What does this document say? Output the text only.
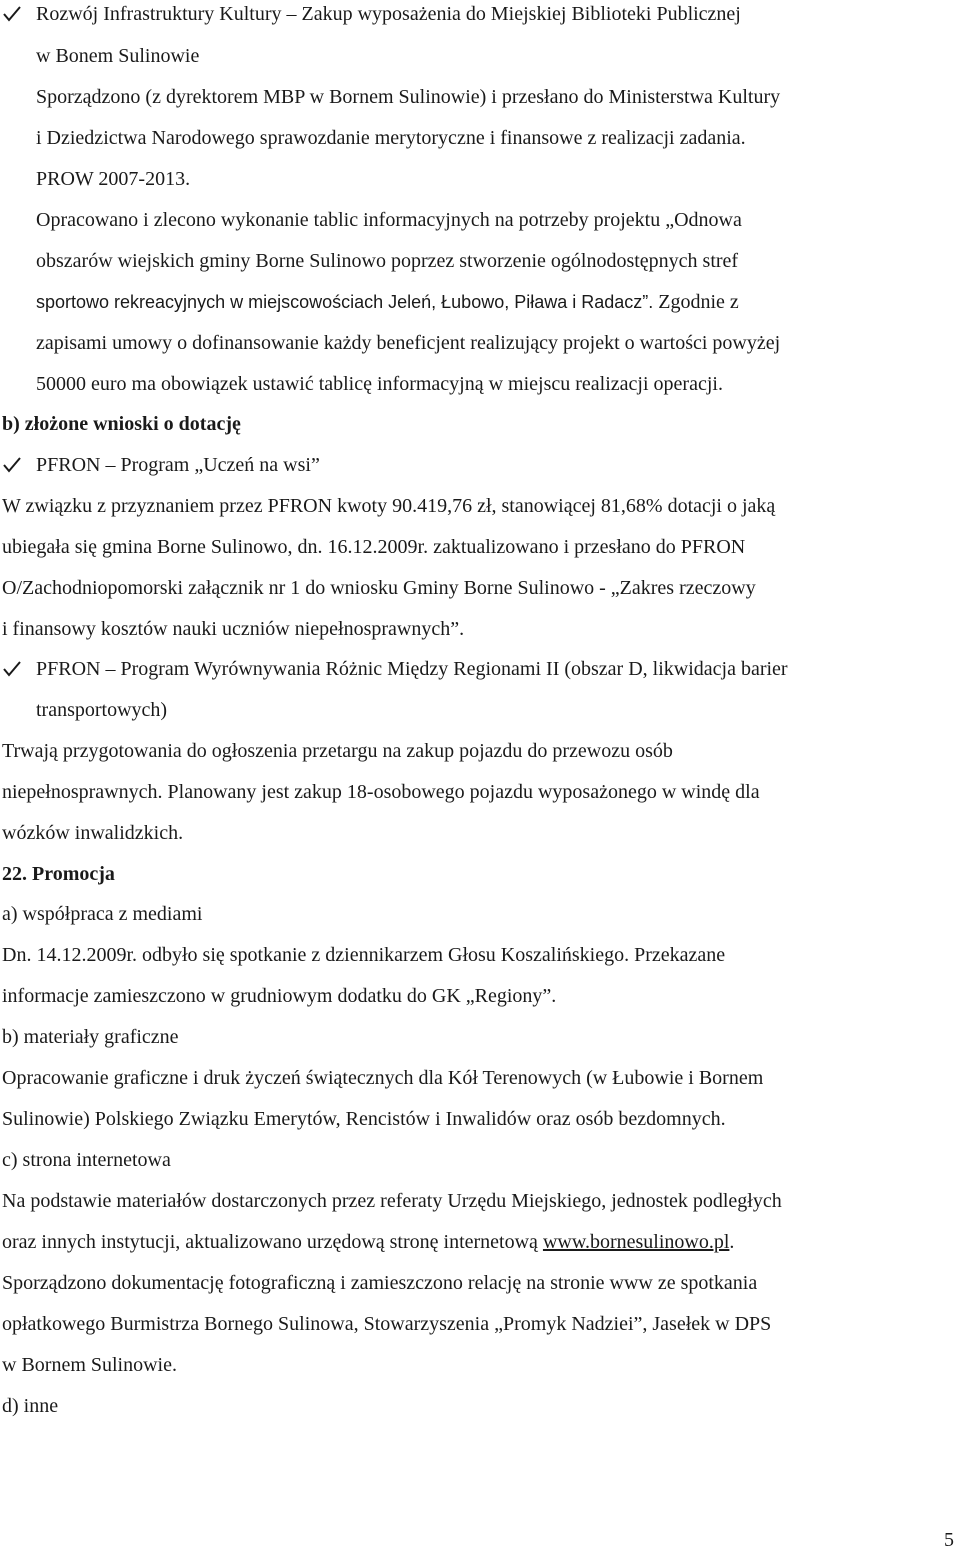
Rozwój Infrastruktury Kultury – Zakup wyposażenia do Miejskiej Biblioteki Publicznej
w Bonem Sulinowie
Sporządzono (z dyrektorem MBP w Bornem Sulinowie) i przesłano do Ministerstwa Kultury
i Dziedzictwa Narodowego sprawozdanie merytoryczne i finansowe z realizacji zadania.
PROW 2007-2013.
Opracowano i zlecono wykonanie tablic informacyjnych na potrzeby projektu „Odnowa
obszarów wiejskich gminy Borne Sulinowo poprzez stworzenie ogólnodostępnych stref
sportowo rekreacyjnych w miejscowościach Jeleń, Łubowo, Piława i Radacz”. Zgodnie z
zapisami umowy o dofinansowanie każdy beneficjent realizujący projekt o wartości powyżej
50000 euro ma obowiązek ustawić tablicę informacyjną w miejscu realizacji operacji.
b) złożone wnioski o dotację
PFRON – Program „Uczeń na wsi”
W związku z przyznaniem przez PFRON kwoty 90.419,76 zł, stanowiącej 81,68% dotacji o jaką
ubiegała się gmina Borne Sulinowo, dn. 16.12.2009r. zaktualizowano i przesłano do PFRON
O/Zachodniopomorski załącznik nr 1 do wniosku Gminy Borne Sulinowo - „Zakres rzeczowy
i finansowy kosztów nauki uczniów niepełnosprawnych”.
PFRON – Program Wyrównywania Różnic Między Regionami II (obszar D, likwidacja barier
transportowych)
Trwają przygotowania do ogłoszenia przetargu na zakup pojazdu do przewozu osób
niepełnosprawnych. Planowany jest zakup 18-osobowego pojazdu wyposażonego w windę dla
wózków inwalidzkich.
22. Promocja
a) współpraca z mediami
Dn. 14.12.2009r. odbyło się spotkanie z dziennikarzem Głosu Koszalińskiego. Przekazane
informacje zamieszczono w grudniowym dodatku do GK „Regiony”.
b) materiały graficzne
Opracowanie graficzne i druk życzeń świątecznych dla Kół Terenowych (w Łubowie i Bornem
Sulinowie) Polskiego Związku Emerytów, Rencistów i Inwalidów oraz osób bezdomnych.
c) strona internetowa
Na podstawie materiałów dostarczonych przez referaty Urzędu Miejskiego, jednostek podległych
oraz innych instytucji, aktualizowano urzędową stronę internetową www.bornesulinowo.pl.
Sporządzono dokumentację fotograficzną i zamieszczono relację na stronie www ze spotkania
opłatkowego Burmistrza Bornego Sulinowa, Stowarzyszenia „Promyk Nadziei”, Jasełek w DPS
w Bornem Sulinowie.
d) inne
5
